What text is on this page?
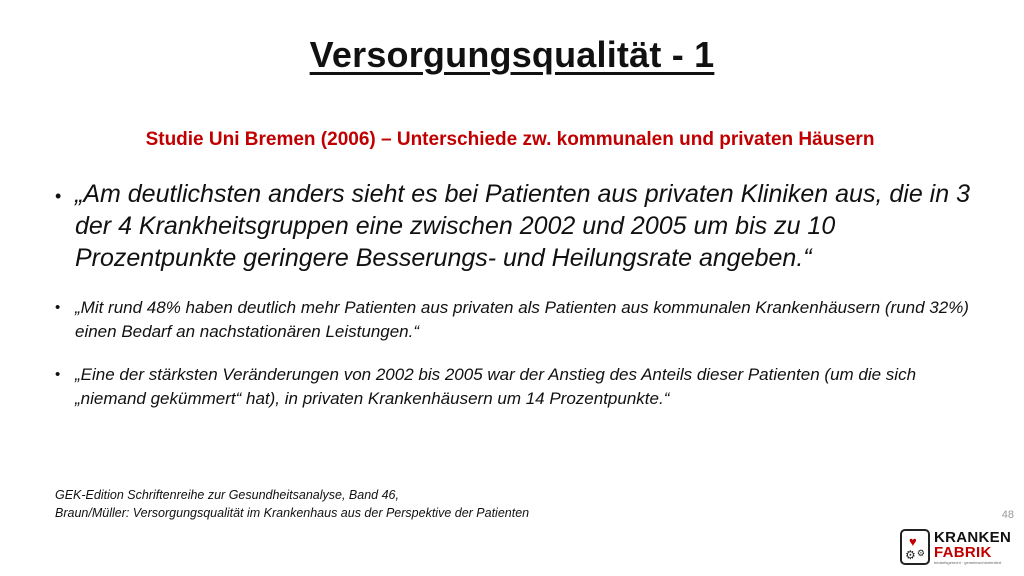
Versorgungsqualität - 1
Studie Uni Bremen (2006) – Unterschiede zw. kommunalen und privaten Häusern
• „Am deutlichsten anders sieht es bei Patienten aus privaten Kliniken aus, die in 3 der 4 Krankheitsgruppen eine zwischen 2002 und 2005 um bis zu 10 Prozentpunkte geringere Besserungs- und Heilungsrate angeben.“
• „Mit rund 48% haben deutlich mehr Patienten aus privaten als Patienten aus kommunalen Krankenhäusern (rund 32%) einen Bedarf an nachstationären Leistungen.“
• „Eine der stärksten Veränderungen von 2002 bis 2005 war der Anstieg des Anteils dieser Patienten (um die sich „niemand gekümmert“ hat), in privaten Krankenhäusern um 14 Prozentpunkte.“
GEK-Edition Schriftenreihe zur Gesundheitsanalyse, Band 46,
Braun/Müller: Versorgungsqualität im Krankenhaus aus der Perspektive der Patienten	48
♥
⚙ ⚙
KRANKEN
FABRIK
bedarfsgerecht · gemeinwohlorientiert
